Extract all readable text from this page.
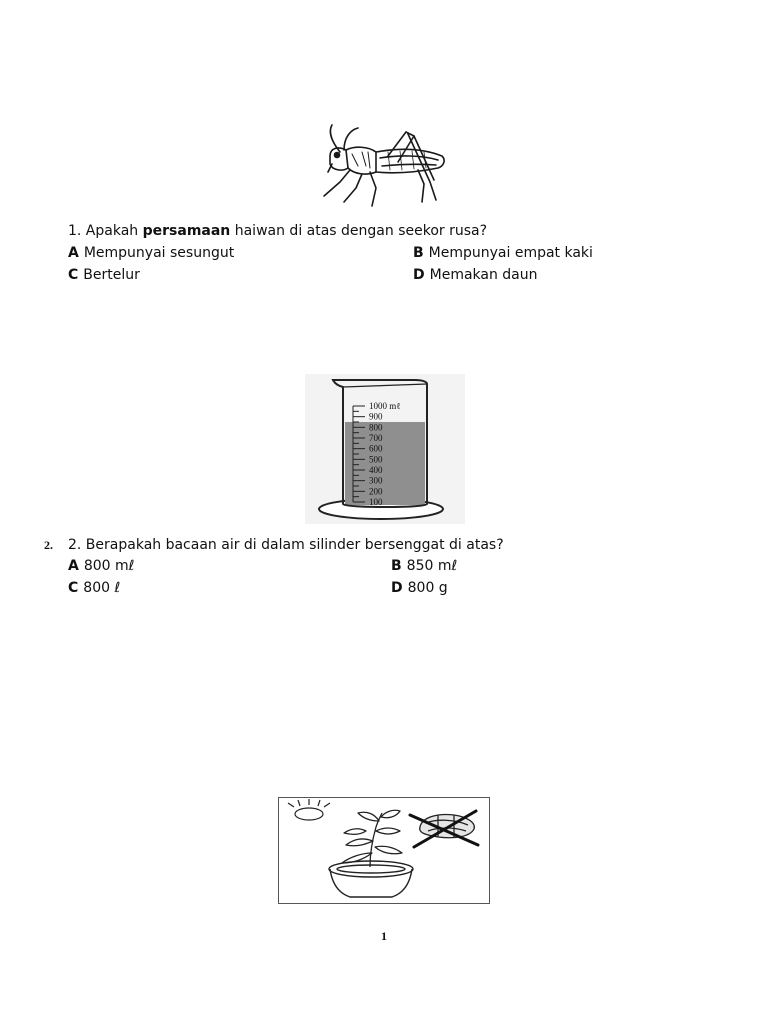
1. Apakah persamaan haiwan di atas dengan seekor rusa?
A Mempunyai sesungut	B Mempunyai empat kaki
C Bertelur	D Memakan daun
1000 mℓ
900
800
700
600
500
400
300
200
100
2. 2. Berapakah bacaan air di dalam silinder bersenggat di atas?
A 800 mℓ	B 850 mℓ
C 800 ℓ	D 800 g
1
